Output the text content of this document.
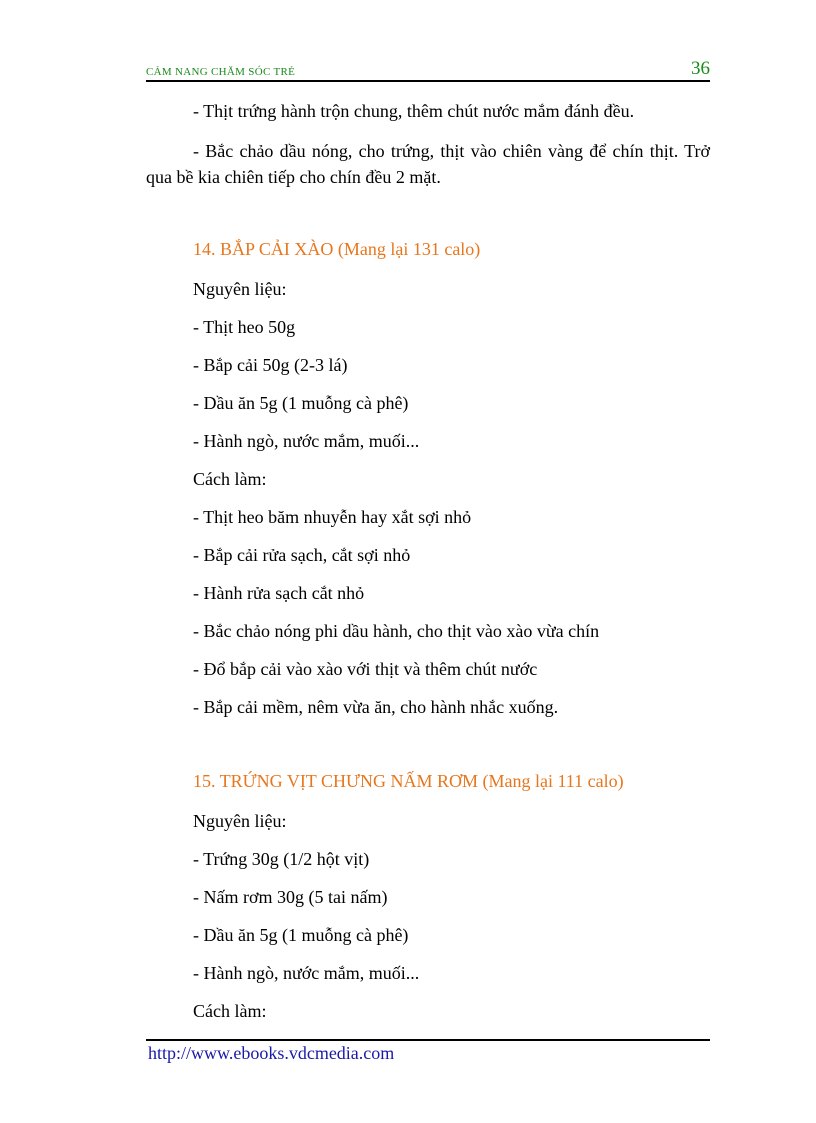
CẢM NANG CHĂM SÓC TRẺ	36
- Thịt trứng hành trộn chung, thêm chút nước mắm đánh đều.
- Bắc chảo dầu nóng, cho trứng, thịt vào chiên vàng để chín thịt. Trở qua bề kia chiên tiếp cho chín đều 2 mặt.
14. BẮP CẢI XÀO (Mang lại 131 calo)
Nguyên liệu:
- Thịt heo 50g
- Bắp cải 50g (2-3 lá)
- Dầu ăn 5g (1 muỗng cà phê)
- Hành ngò, nước mắm, muối...
Cách làm:
- Thịt heo băm nhuyễn hay xắt sợi nhỏ
- Bắp cải rửa sạch, cắt sợi nhỏ
- Hành rửa sạch cắt nhỏ
- Bắc chảo nóng phi dầu hành, cho thịt vào xào vừa chín
- Đổ bắp cải vào xào với thịt và thêm chút nước
- Bắp cải mềm, nêm vừa ăn, cho hành nhắc xuống.
15. TRỨNG VỊT CHƯNG NẤM RƠM (Mang lại 111 calo)
Nguyên liệu:
- Trứng 30g (1/2 hột vịt)
- Nấm rơm 30g (5 tai nấm)
- Dầu ăn 5g (1 muỗng cà phê)
- Hành ngò, nước mắm, muối...
Cách làm:
http://www.ebooks.vdcmedia.com
